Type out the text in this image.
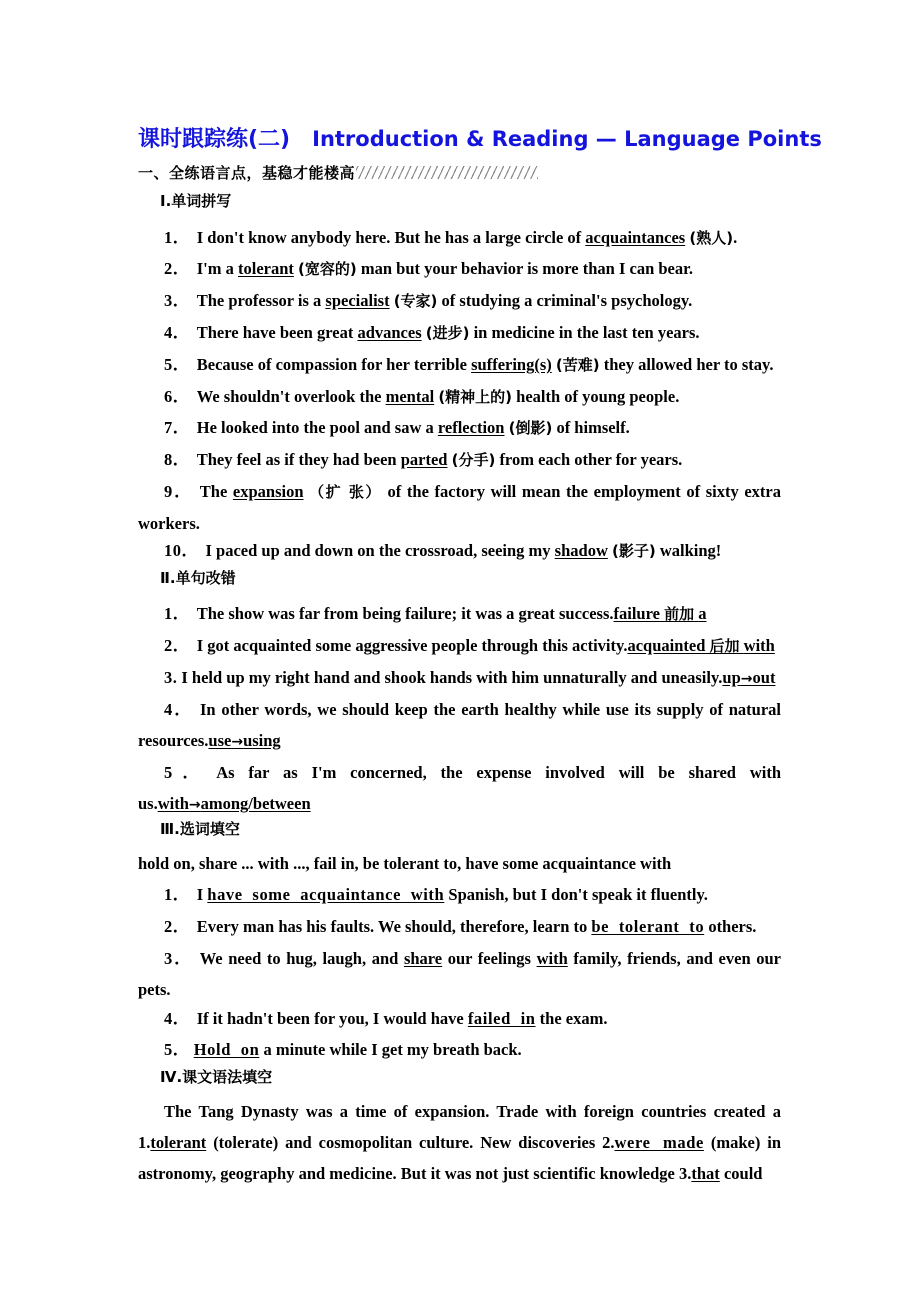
课时跟踪练(二) Introduction & Reading — Language Points
一、全练语言点，基稳才能楼高
Ⅰ.单词拼写
1． I don't know anybody here. But he has a large circle of acquaintances (熟人).
2． I'm a tolerant (宽容的) man but your behavior is more than I can bear.
3． The professor is a specialist (专家) of studying a criminal's psychology.
4． There have been great advances (进步) in medicine in the last ten years.
5． Because of compassion for her terrible suffering(s) (苦难) they allowed her to stay.
6． We shouldn't overlook the mental (精神上的) health of young people.
7． He looked into the pool and saw a reflection (倒影) of himself.
8． They feel as if they had been parted (分手) from each other for years.
9． The expansion （扩 张） of the factory will mean the employment of sixty extra workers.
10． I paced up and down on the crossroad, seeing my shadow (影子) walking!
Ⅱ.单句改错
1． The show was far from being failure; it was a great success.failure 前加 a
2． I got acquainted some aggressive people through this activity.acquainted 后加 with
3. I held up my right hand and shook hands with him unnaturally and uneasily.up→out
4． In other words, we should keep the earth healthy while use its supply of natural resources.use→using
5． As far as I'm concerned, the expense involved will be shared with us.with→among/between
Ⅲ.选词填空
hold on, share ... with ..., fail in, be tolerant to, have some acquaintance with
1． I have some acquaintance with Spanish, but I don't speak it fluently.
2． Every man has his faults. We should, therefore, learn to be tolerant to others.
3． We need to hug, laugh, and share our feelings with family, friends, and even our pets.
4． If it hadn't been for you, I would have failed in the exam.
5． Hold on a minute while I get my breath back.
Ⅳ.课文语法填空
The Tang Dynasty was a time of expansion. Trade with foreign countries created a 1.tolerant (tolerate) and cosmopolitan culture. New discoveries 2.were made (make) in astronomy, geography and medicine. But it was not just scientific knowledge 3.that could
